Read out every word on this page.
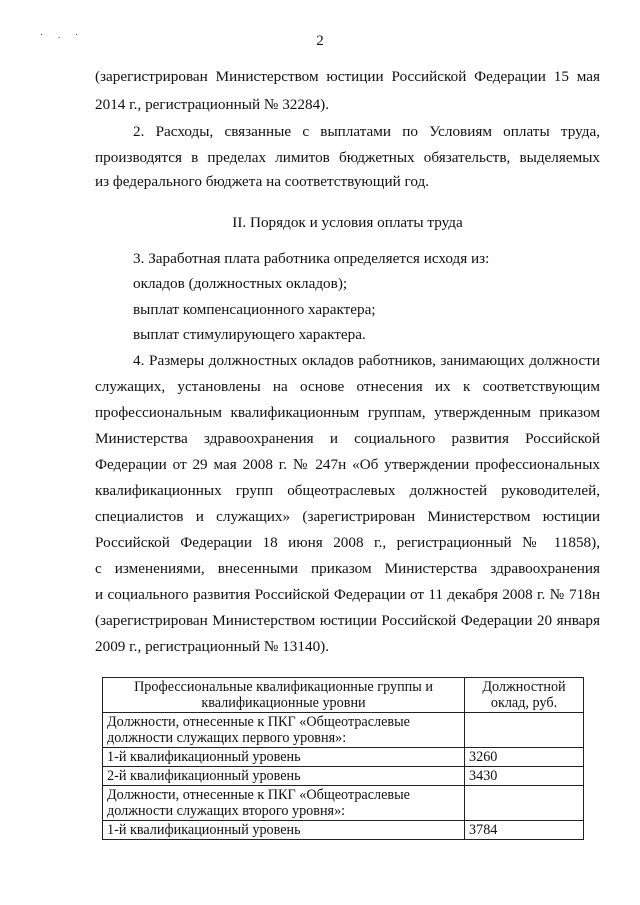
· . ·	2
(зарегистрирован Министерством юстиции Российской Федерации 15 мая
2014 г., регистрационный № 32284).
2. Расходы, связанные с выплатами по Условиям оплаты труда,
производятся в пределах лимитов бюджетных обязательств, выделяемых
из федерального бюджета на соответствующий год.
II. Порядок и условия оплаты труда
3. Заработная плата работника определяется исходя из:
окладов (должностных окладов);
выплат компенсационного характера;
выплат стимулирующего характера.
4. Размеры должностных окладов работников, занимающих должности
служащих, установлены на основе отнесения их к соответствующим
профессиональным квалификационным группам, утвержденным приказом
Министерства здравоохранения и социального развития Российской
Федерации от 29 мая 2008 г. № 247н «Об утверждении профессиональных
квалификационных групп общеотраслевых должностей руководителей,
специалистов и служащих» (зарегистрирован Министерством юстиции
Российской Федерации 18 июня 2008 г., регистрационный № 11858),
с изменениями, внесенными приказом Министерства здравоохранения
и социального развития Российской Федерации от 11 декабря 2008 г. № 718н
(зарегистрирован Министерством юстиции Российской Федерации 20 января
2009 г., регистрационный № 13140).
Профессиональные квалификационные группы и квалификационные уровни	Должностной оклад, руб.
Должности, отнесенные к ПКГ «Общеотраслевые должности служащих первого уровня»:	
1-й квалификационный уровень	3260
2-й квалификационный уровень	3430
Должности, отнесенные к ПКГ «Общеотраслевые должности служащих второго уровня»:	
1-й квалификационный уровень	3784
